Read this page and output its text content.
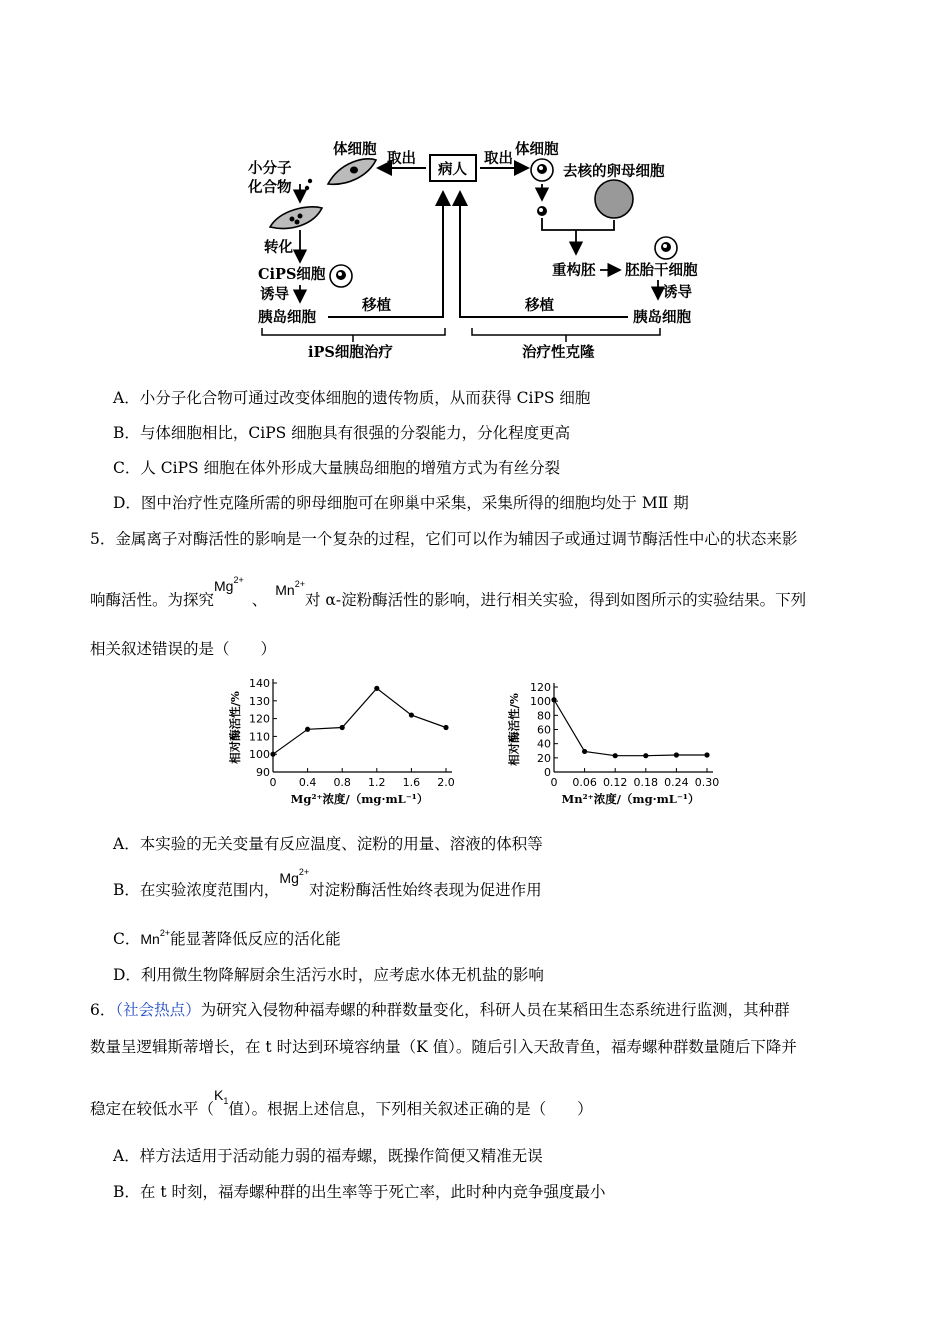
病人
取出
体细胞
小分子
化合物
转化
CiPS细胞
诱导
胰岛细胞
移植
iPS细胞治疗
取出
体细胞
去核的卵母细胞
重构胚 胚胎干细胞
诱导
胰岛细胞
移植
治疗性克隆
A．小分子化合物可通过改变体细胞的遗传物质，从而获得 CiPS 细胞
B．与体细胞相比，CiPS 细胞具有很强的分裂能力，分化程度更高
C．人 CiPS 细胞在体外形成大量胰岛细胞的增殖方式为有丝分裂
D．图中治疗性克隆所需的卵母细胞可在卵巢中采集，采集所得的细胞均处于 MⅡ 期
5．金属离子对酶活性的影响是一个复杂的过程，它们可以作为辅因子或通过调节酶活性中心的状态来影
响酶活性。为探究$Mg^{2+}$、$Mn^{2+}$对 α-淀粉酶活性的影响，进行相关实验，得到如图所示的实验结果。下列
相关叙述错误的是（　　）
90
100
110
120
130
140
0 0.4 0.8 1.2 1.6 2.0
相对酶活性/%
Mg²⁺浓度/（mg·mL⁻¹）
0
20
40
60
80
100
120
0 0.06 0.12 0.18 0.24 0.30
相对酶活性/%
Mn²⁺浓度/（mg·mL⁻¹）
A．本实验的无关变量有反应温度、淀粉的用量、溶液的体积等
B．在实验浓度范围内，$Mg^{2+}$对淀粉酶活性始终表现为促进作用
C．$Mn^{2+}$能显著降低反应的活化能
D．利用微生物降解厨余生活污水时，应考虑水体无机盐的影响
6．（社会热点）为研究入侵物种福寿螺的种群数量变化，科研人员在某稻田生态系统进行监测，其种群
数量呈逻辑斯蒂增长，在 t 时达到环境容纳量（K 值）。随后引入天敌青鱼，福寿螺种群数量随后下降并
稳定在较低水平（$K_1$值）。根据上述信息，下列相关叙述正确的是（　　）
A．样方法适用于活动能力弱的福寿螺，既操作简便又精准无误
B．在 t 时刻，福寿螺种群的出生率等于死亡率，此时种内竞争强度最小
